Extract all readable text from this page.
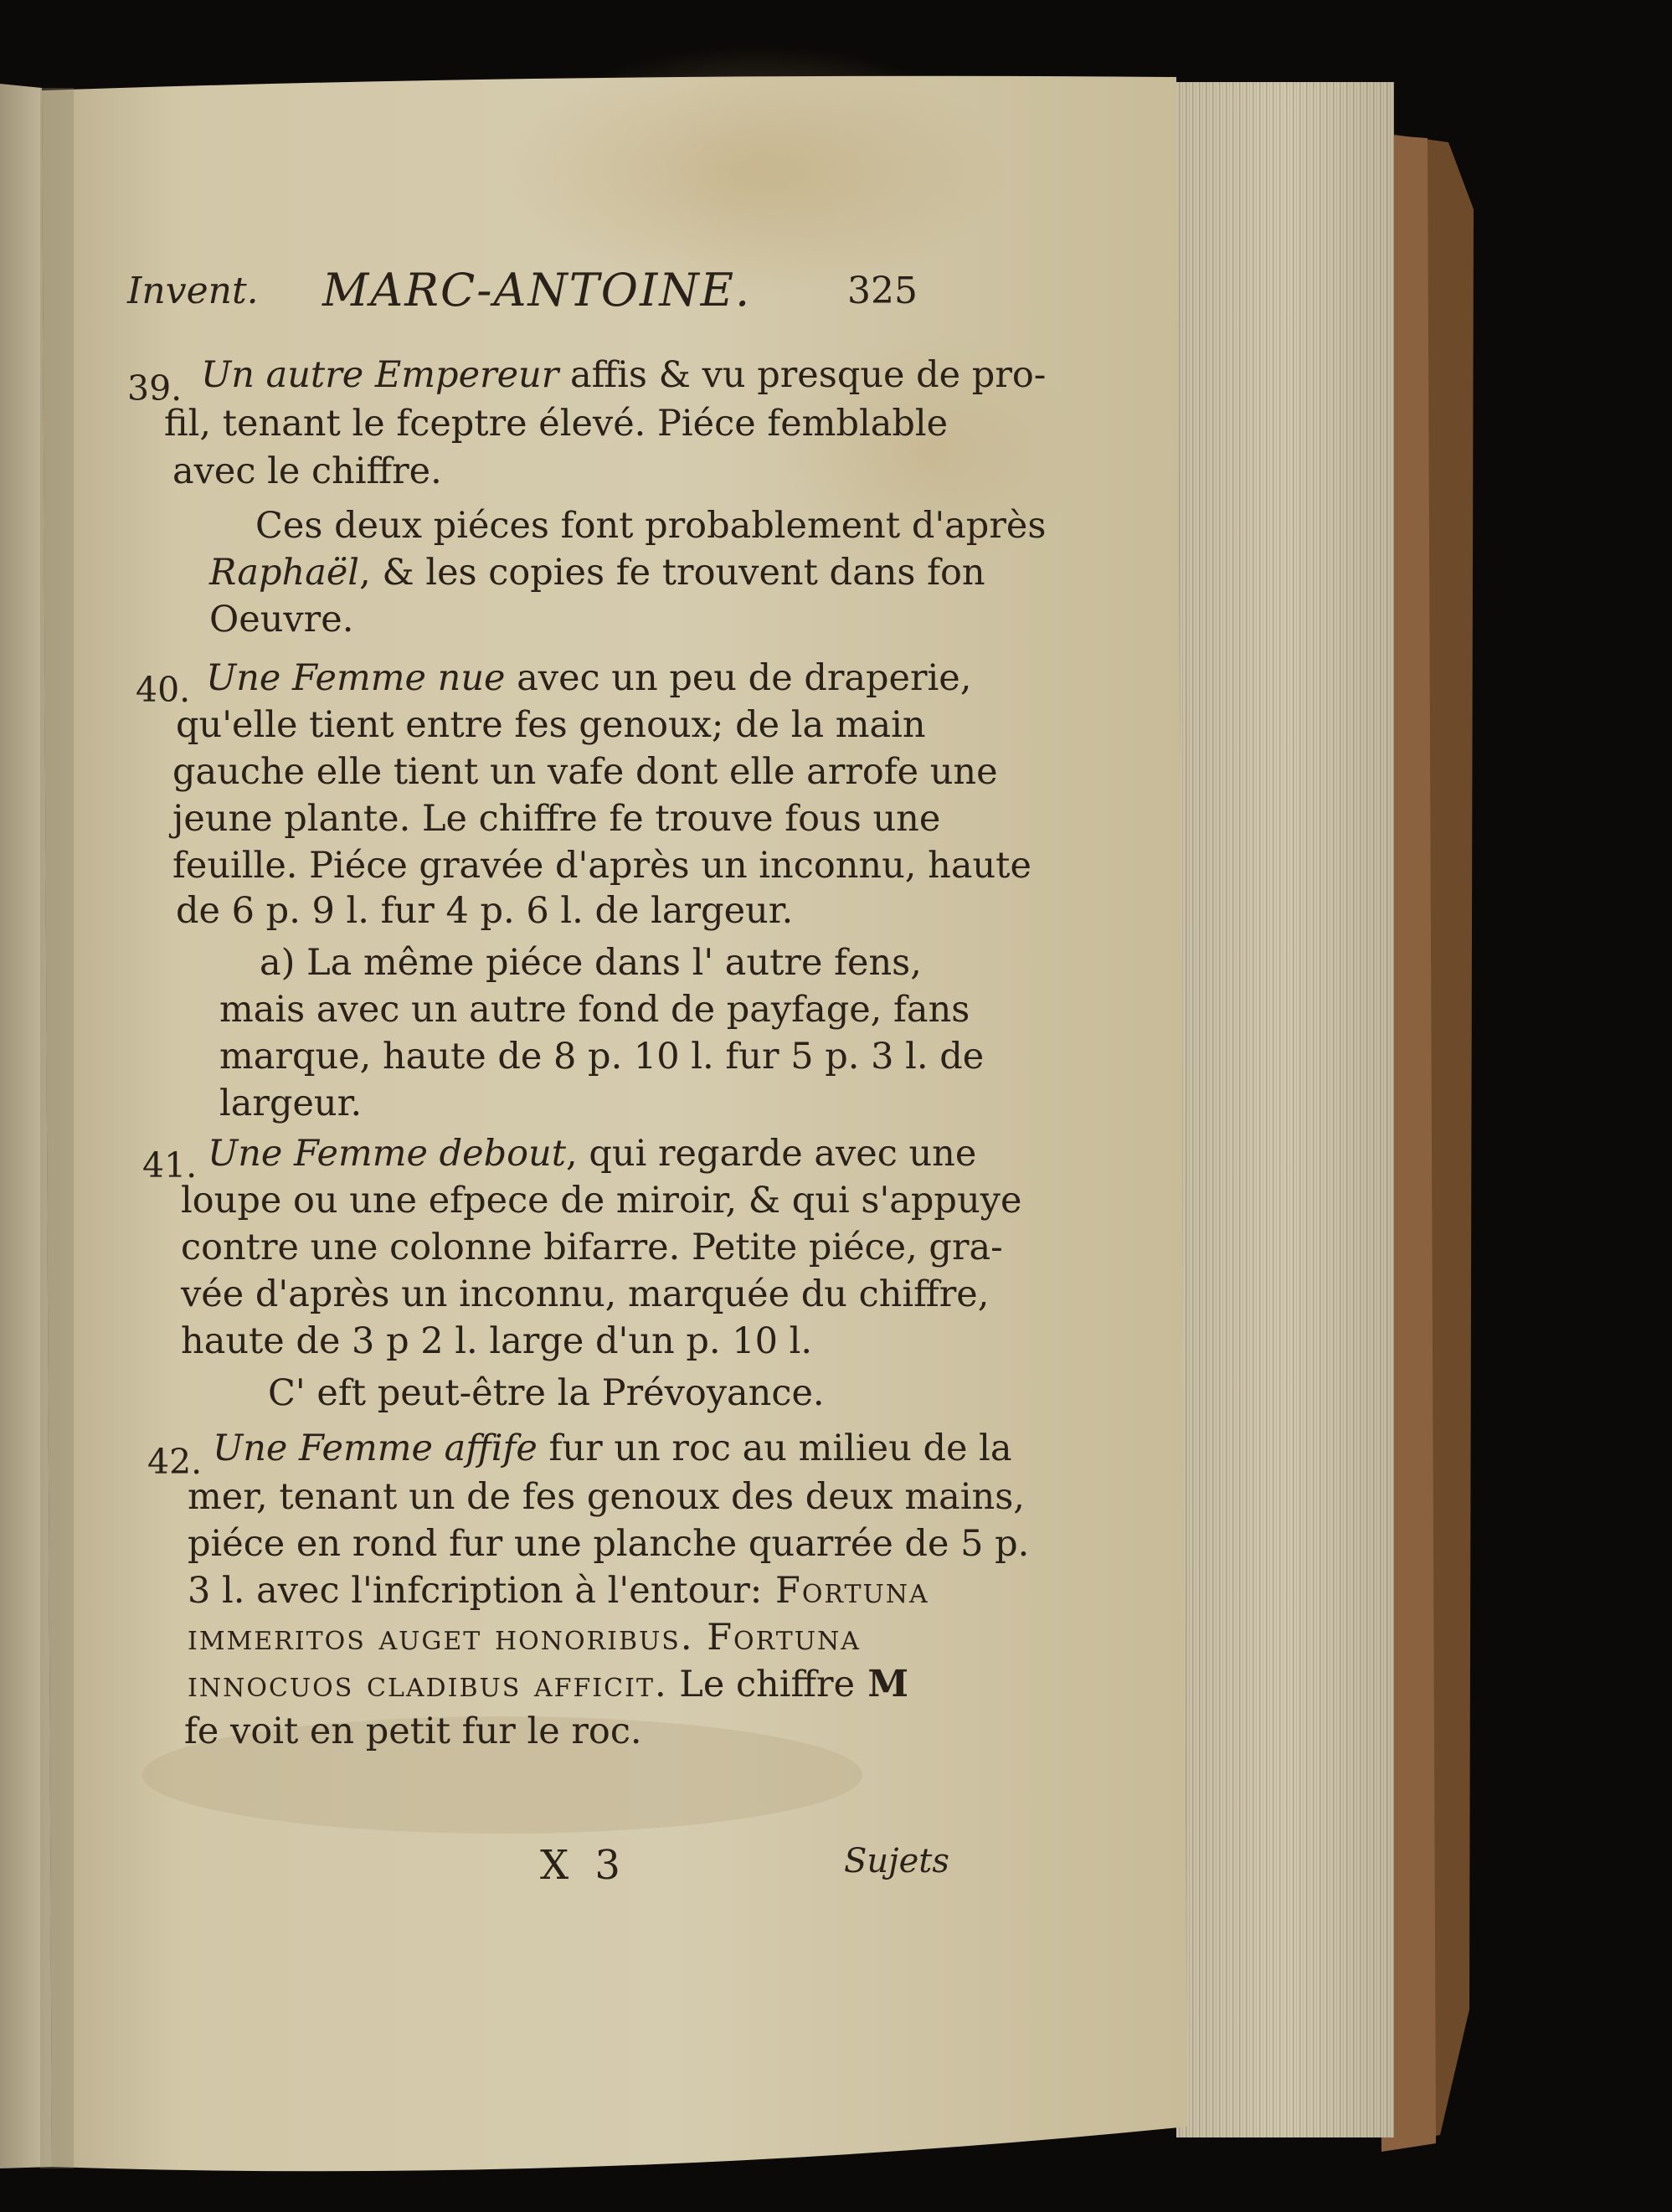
Invent. MARC-ANTOINE.	325
39. Un autre Empereur affis & vu presque de pro-
fil, tenant le fceptre élevé. Piéce femblable
avec le chiffre.
Ces deux piéces font probablement d'après
Raphaël, & les copies fe trouvent dans fon
Oeuvre.
40. Une Femme nue avec un peu de draperie,
qu'elle tient entre fes genoux; de la main
gauche elle tient un vafe dont elle arrofe une
jeune plante. Le chiffre fe trouve fous une
feuille. Piéce gravée d'après un inconnu, haute
de 6 p. 9 l. fur 4 p. 6 l. de largeur.
a) La même piéce dans l' autre fens,
mais avec un autre fond de payfage, fans
marque, haute de 8 p. 10 l. fur 5 p. 3 l. de
largeur.
41. Une Femme debout, qui regarde avec une
loupe ou une efpece de miroir, & qui s'appuye
contre une colonne bifarre. Petite piéce, gra-
vée d'après un inconnu, marquée du chiffre,
haute de 3 p 2 l. large d'un p. 10 l.
C' eft peut-être la Prévoyance.
42. Une Femme affife fur un roc au milieu de la
mer, tenant un de fes genoux des deux mains,
piéce en rond fur une planche quarrée de 5 p.
3 l. avec l'infcription à l'entour: Fortuna
immeritos auget honoribus. Fortuna
innocuos cladibus afficit. Le chiffre M
fe voit en petit fur le roc.
X 3	Sujets
